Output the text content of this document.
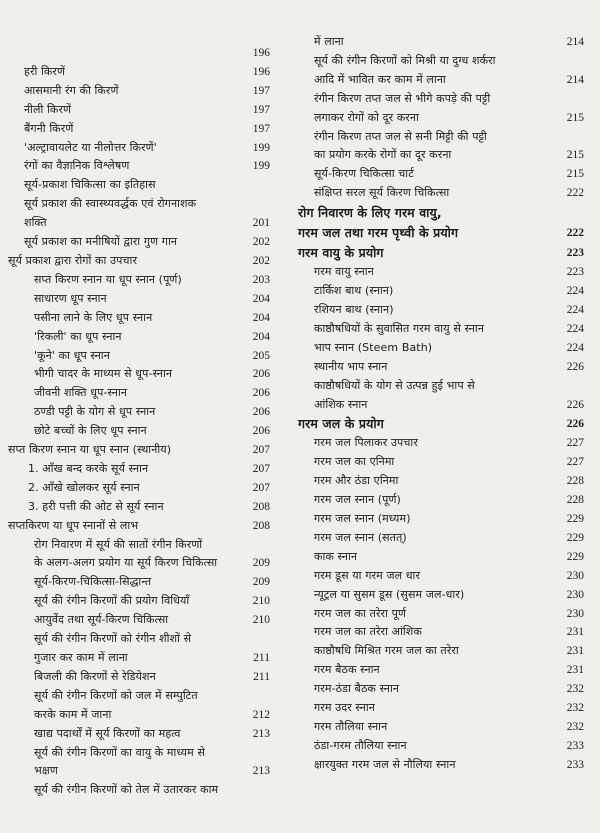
196
हरी किरणें	196
आसमानी रंग की किरणें	197
नीली किरणें	197
बैंगनी किरणें	197
'अल्ट्रावायलेट या नीलोत्तर किरणें'	199
रंगों का वैज्ञानिक विश्लेषण	199
सूर्य-प्रकाश चिकित्सा का इतिहास
सूर्य प्रकाश की स्वास्थ्यवर्द्धक एवं रोगनाशक
शक्ति	201
सूर्य प्रकाश का मनीषियों द्वारा गुण गान	202
सूर्य प्रकाश द्वारा रोगों का उपचार	202
सप्त किरण स्नान या धूप स्नान (पूर्ण)	203
साधारण धूप स्नान	204
पसीना लाने के लिए धूप स्नान	204
'रिकली' का धूप स्नान	204
'कूने' का धूप स्नान	205
भीगी चादर के माध्यम से धूप-स्नान	206
जीवनी शक्ति धूप-स्नान	206
ठण्डी पट्टी के योग से धूप स्नान	206
छोटे बच्चों के लिए धूप स्नान	206
सप्त किरण स्नान या धूप स्नान (स्थानीय)	207
1. आँख बन्द करके सूर्य स्नान	207
2. आँखे खोलकर सूर्य स्नान	207
3. हरी पत्ती की ओट से सूर्य स्नान	208
सप्तकिरण या धूप स्नानों से लाभ	208
रोग निवारण में सूर्य की सातों रंगीन किरणों
के अलग-अलग प्रयोग या सूर्य किरण चिकित्सा	209
सूर्य-किरण-चिकित्सा-सिद्धान्त	209
सूर्य की रंगीन किरणों की प्रयोग विधियाँ	210
आयुर्वेद तथा सूर्य-किरण चिकित्सा	210
सूर्य की रंगीन किरणों को रंगीन शीशों से
गुजार कर काम में लाना	211
बिजली की किरणों से रेडियेशन	211
सूर्य की रंगीन किरणों को जल में सम्पुटित
करके काम में जाना	212
खाद्य पदार्थों में सूर्य किरणों का महत्व	213
सूर्य की रंगीन किरणों का वायु के माध्यम से
भक्षण	213
सूर्य की रंगीन किरणों को तेल में उतारकर काम
में लाना	214
सूर्य की रंगीन किरणों को मिश्री या दुग्ध शर्करा
आदि में भावित कर काम में लाना	214
रंगीन किरण तप्त जल से भीगे कपड़े की पट्टी
लगाकर रोगों को दूर करना	215
रंगीन किरण तप्त जल से सनी मिट्टी की पट्टी
का प्रयोग करके रोगों का दूर करना	215
सूर्य-किरण चिकित्सा चार्ट	215
संक्षिप्त सरल सूर्य किरण चिकित्सा	222
रोग निवारण के लिए गरम वायु,
गरम जल तथा गरम पृथ्वी के प्रयोग	222
गरम वायु के प्रयोग	223
गरम वायु स्नान	223
टार्किश बाथ (स्नान)	224
रशियन बाथ (स्नान)	224
काष्ठौषधियों के सुवासित गरम वायु से स्नान	224
भाप स्नान (Steem Bath)	224
स्थानीय भाप स्नान	226
काष्ठौषधियों के योग से उत्पन्न हुई भाप से
आंशिक स्नान	226
गरम जल के प्रयोग	226
गरम जल पिलाकर उपचार	227
गरम जल का एनिमा	227
गरम और ठंडा एनिमा	228
गरम जल स्नान (पूर्ण)	228
गरम जल स्नान (मध्यम)	229
गरम जल स्नान (सतत्)	229
काक स्नान	229
गरम डूस या गरम जल धार	230
न्यूट्रल या सुसम डूस (सुसम जल-धार)	230
गरम जल का तरेरा पूर्ण	230
गरम जल का तरेरा आंशिक	231
काष्ठौषधि मिश्रित गरम जल का तरेरा	231
गरम बैठक स्नान	231
गरम-ठंडा बैठक स्नान	232
गरम उदर स्नान	232
गरम तौलिया स्नान	232
ठंडा-गरम तौलिया स्नान	233
क्षारयुक्त गरम जल से नौलिया स्नान	233
